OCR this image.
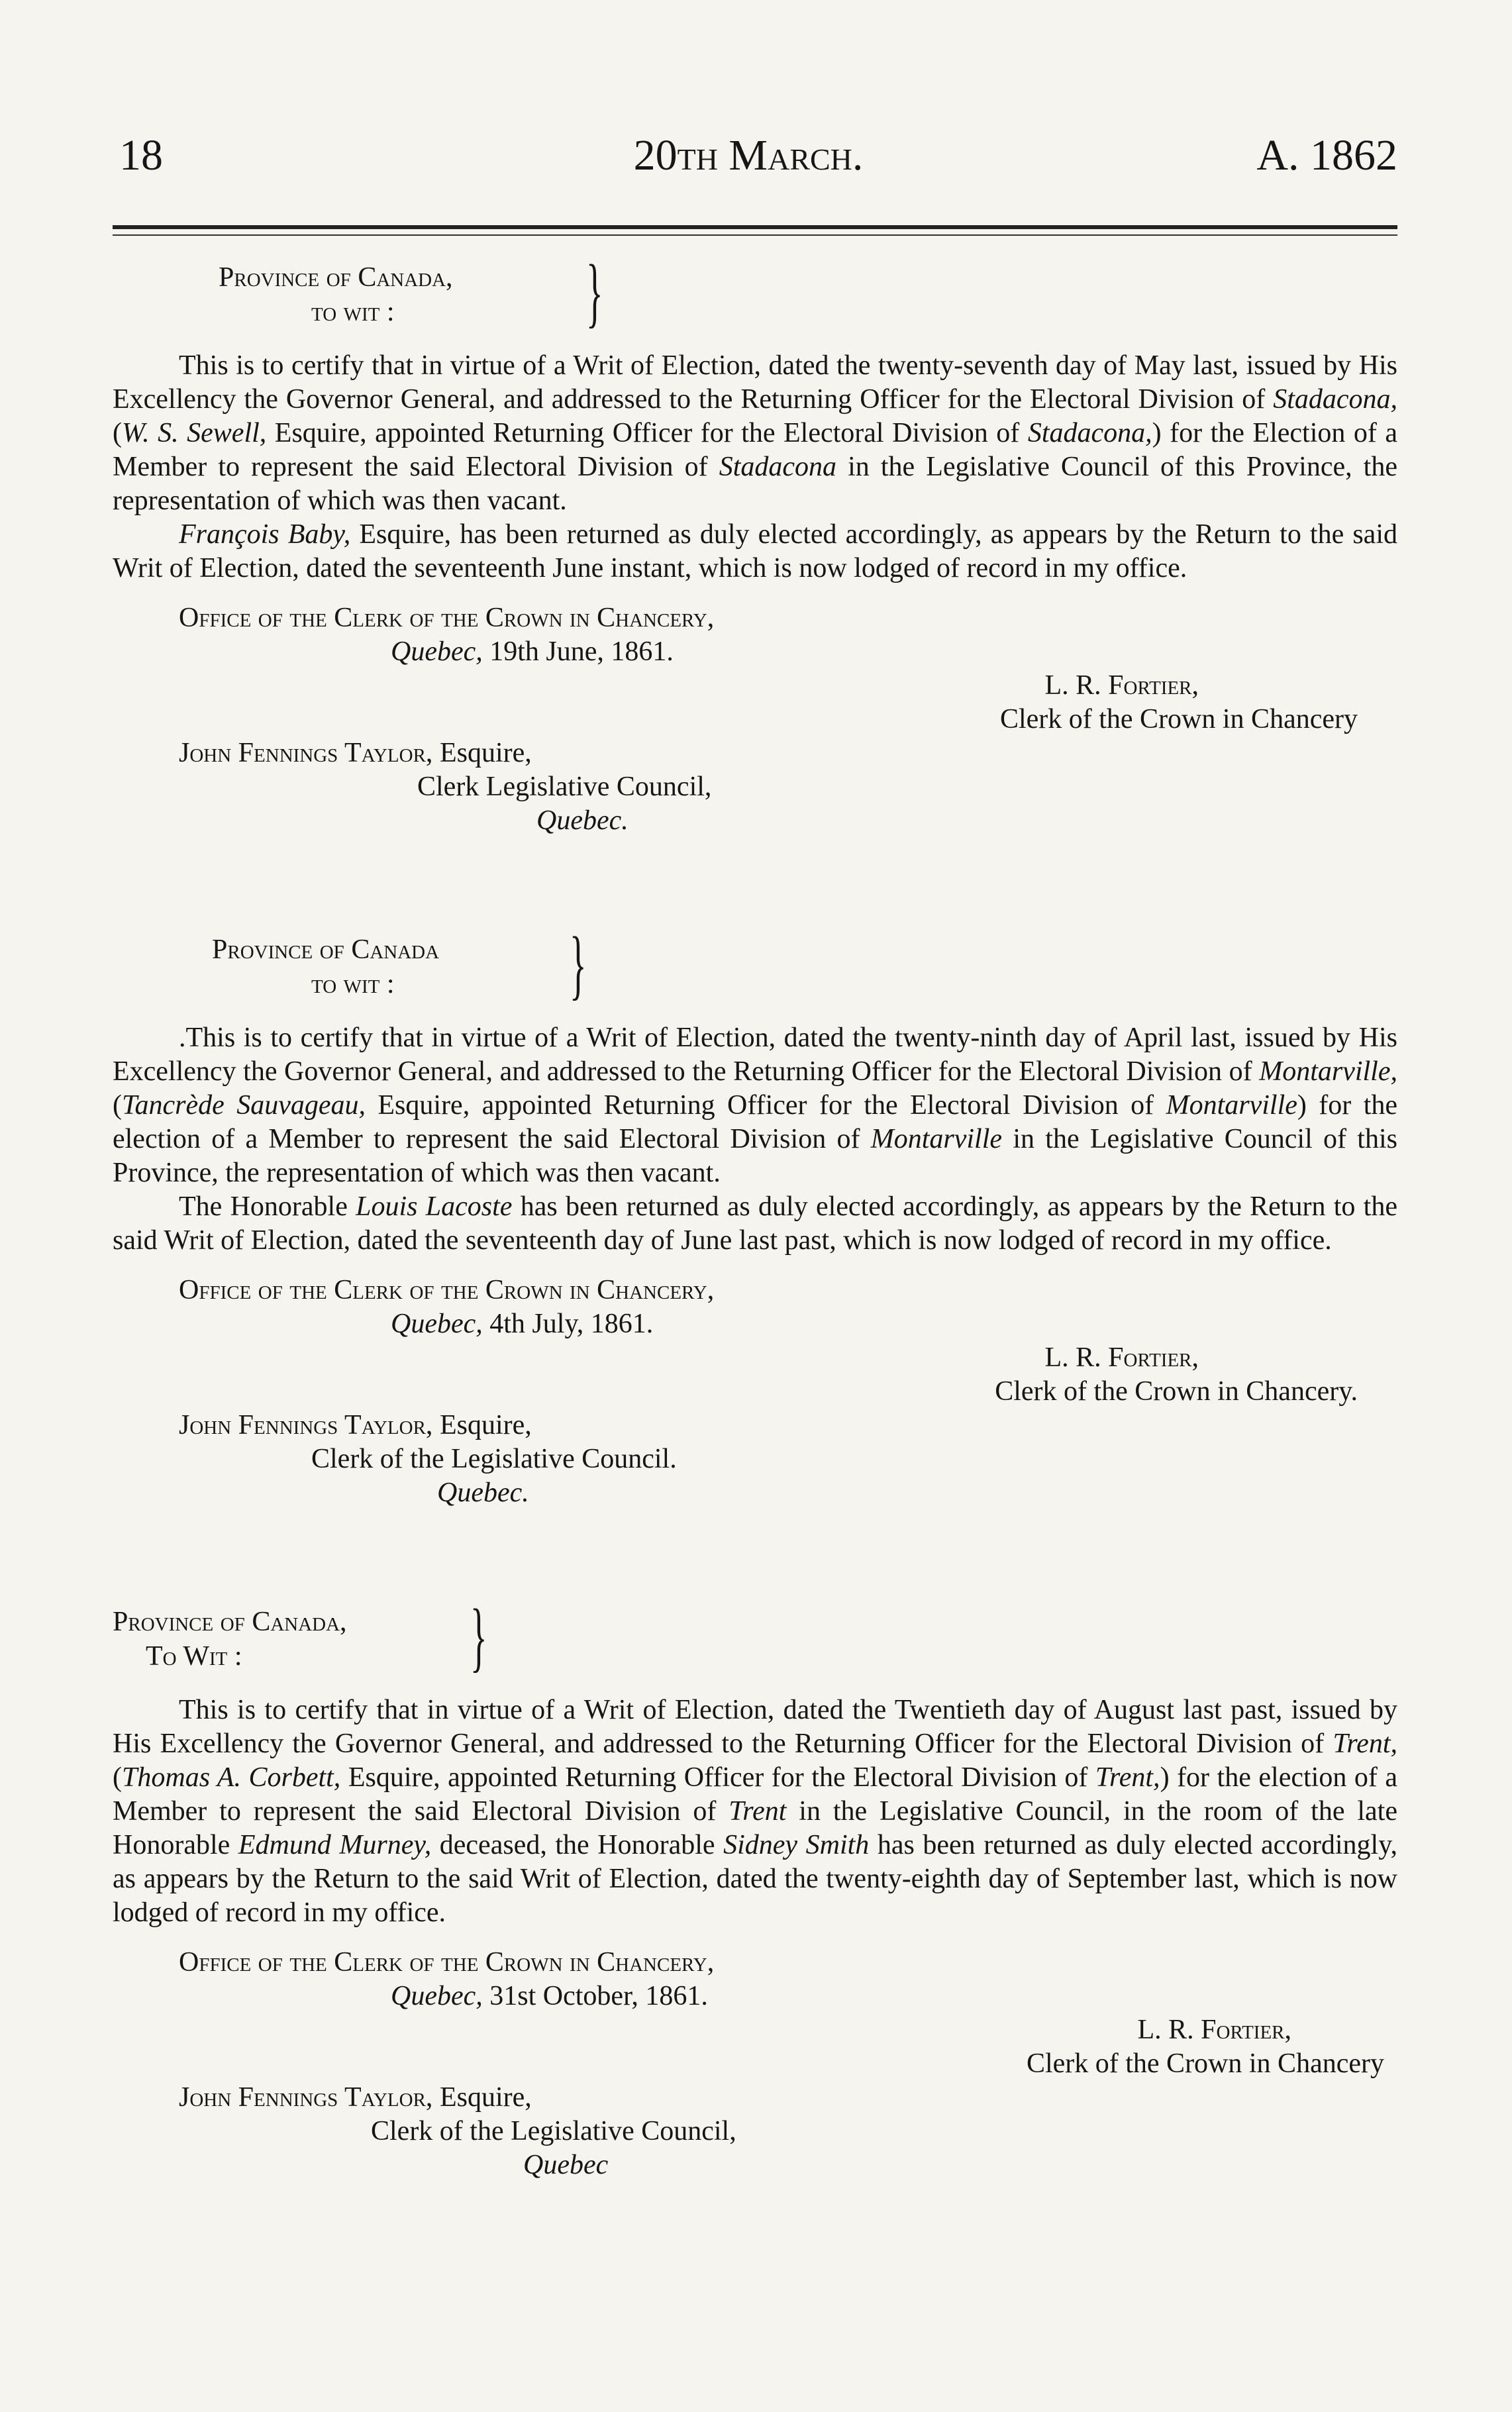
18	20th March.	A. 1862
Province of Canada,
to wit : }

This is to certify that in virtue of a Writ of Election, dated the twenty-seventh day of May last, issued by His Excellency the Governor General, and addressed to the Returning Officer for the Electoral Division of Stadacona, (W. S. Sewell, Esquire, appointed Returning Officer for the Electoral Division of Stadacona,) for the Election of a Member to represent the said Electoral Division of Stadacona in the Legislative Council of this Province, the representation of which was then vacant.

François Baby, Esquire, has been returned as duly elected accordingly, as appears by the Return to the said Writ of Election, dated the seventeenth June instant, which is now lodged of record in my office.

Office of the Clerk of the Crown in Chancery,
Quebec, 19th June, 1861.
L. R. Fortier,
Clerk of the Crown in Chancery
John Fennings Taylor, Esquire,
Clerk Legislative Council,
Quebec.
Province of Canada
to wit : }

.This is to certify that in virtue of a Writ of Election, dated the twenty-ninth day of April last, issued by His Excellency the Governor General, and addressed to the Returning Officer for the Electoral Division of Montarville, (Tancrède Sauvageau, Esquire, appointed Returning Officer for the Electoral Division of Montarville) for the election of a Member to represent the said Electoral Division of Montarville in the Legislative Council of this Province, the representation of which was then vacant.

The Honorable Louis Lacoste has been returned as duly elected accordingly, as appears by the Return to the said Writ of Election, dated the seventeenth day of June last past, which is now lodged of record in my office.

Office of the Clerk of the Crown in Chancery,
Quebec, 4th July, 1861.
L. R. Fortier,
Clerk of the Crown in Chancery.
John Fennings Taylor, Esquire,
Clerk of the Legislative Council.
Quebec.
Province of Canada,
To Wit :	}

This is to certify that in virtue of a Writ of Election, dated the Twentieth day of August last past, issued by His Excellency the Governor General, and addressed to the Returning Officer for the Electoral Division of Trent, (Thomas A. Corbett, Esquire, appointed Returning Officer for the Electoral Division of Trent,) for the election of a Member to represent the said Electoral Division of Trent in the Legislative Council, in the room of the late Honorable Edmund Murney, deceased, the Honorable Sidney Smith has been returned as duly elected accordingly, as appears by the Return to the said Writ of Election, dated the twenty-eighth day of September last, which is now lodged of record in my office.

Office of the Clerk of the Crown in Chancery,
Quebec, 31st October, 1861.
L. R. Fortier,
Clerk of the Crown in Chancery
John Fennings Taylor, Esquire,
Clerk of the Legislative Council,
Quebec
